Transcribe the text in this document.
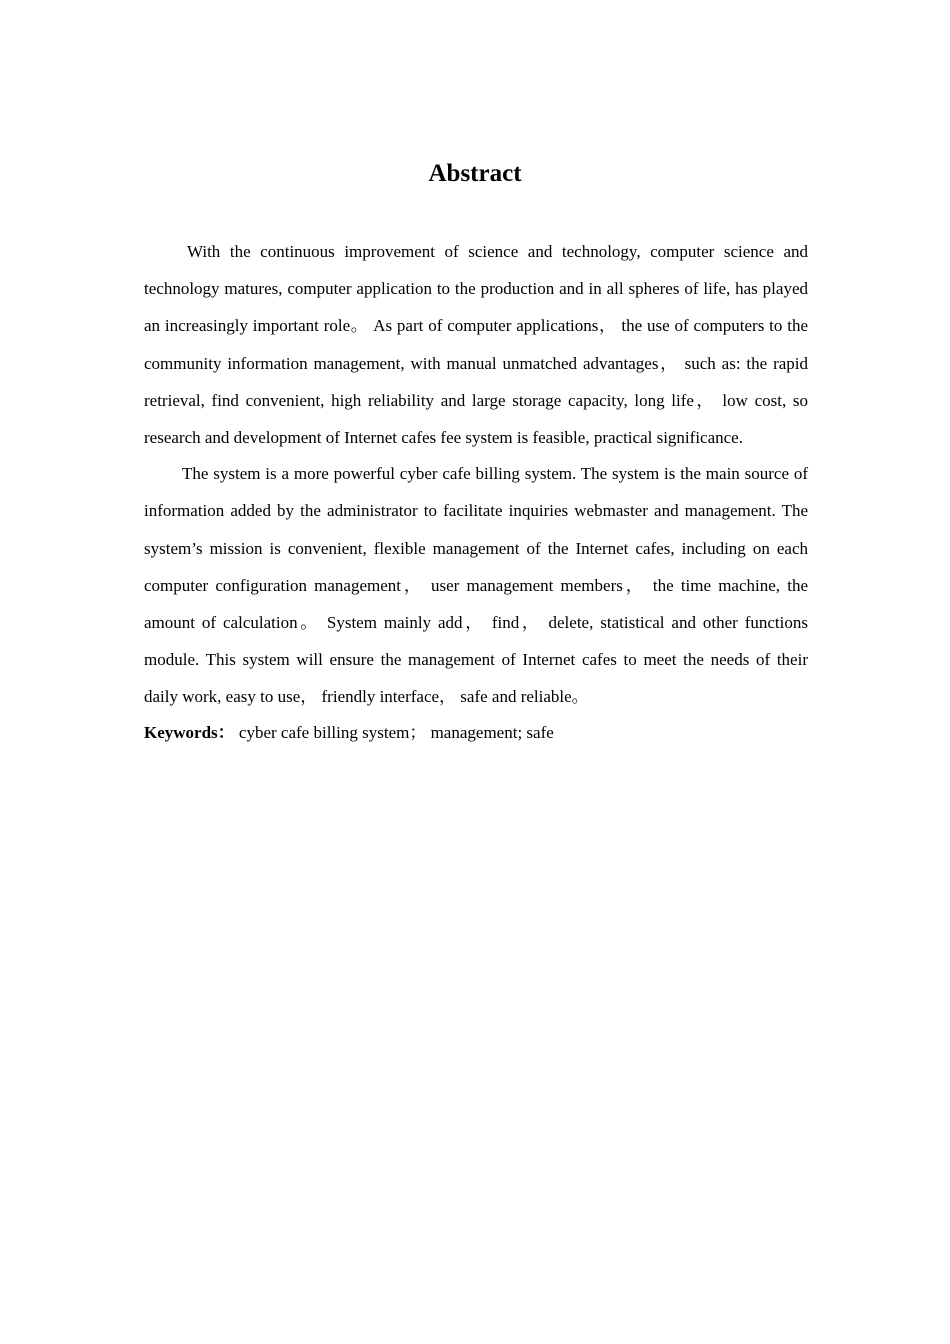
Abstract

With the continuous improvement of science and technology, computer science and technology matures, computer application to the production and in all spheres of life, has played an increasingly important role。 As part of computer applications， the use of computers to the community information management, with manual unmatched advantages， such as: the rapid retrieval, find convenient, high reliability and large storage capacity, long life， low cost, so research and development of Internet cafes fee system is feasible, practical significance.

The system is a more powerful cyber cafe billing system. The system is the main source of information added by the administrator to facilitate inquiries webmaster and management. The system’s mission is convenient, flexible management of the Internet cafes, including on each computer configuration management， user management members， the time machine, the amount of calculation。 System mainly add， find， delete, statistical and other functions module. This system will ensure the management of Internet cafes to meet the needs of their daily work, easy to use， friendly interface， safe and reliable。

Keywords： cyber cafe billing system； management; safe
